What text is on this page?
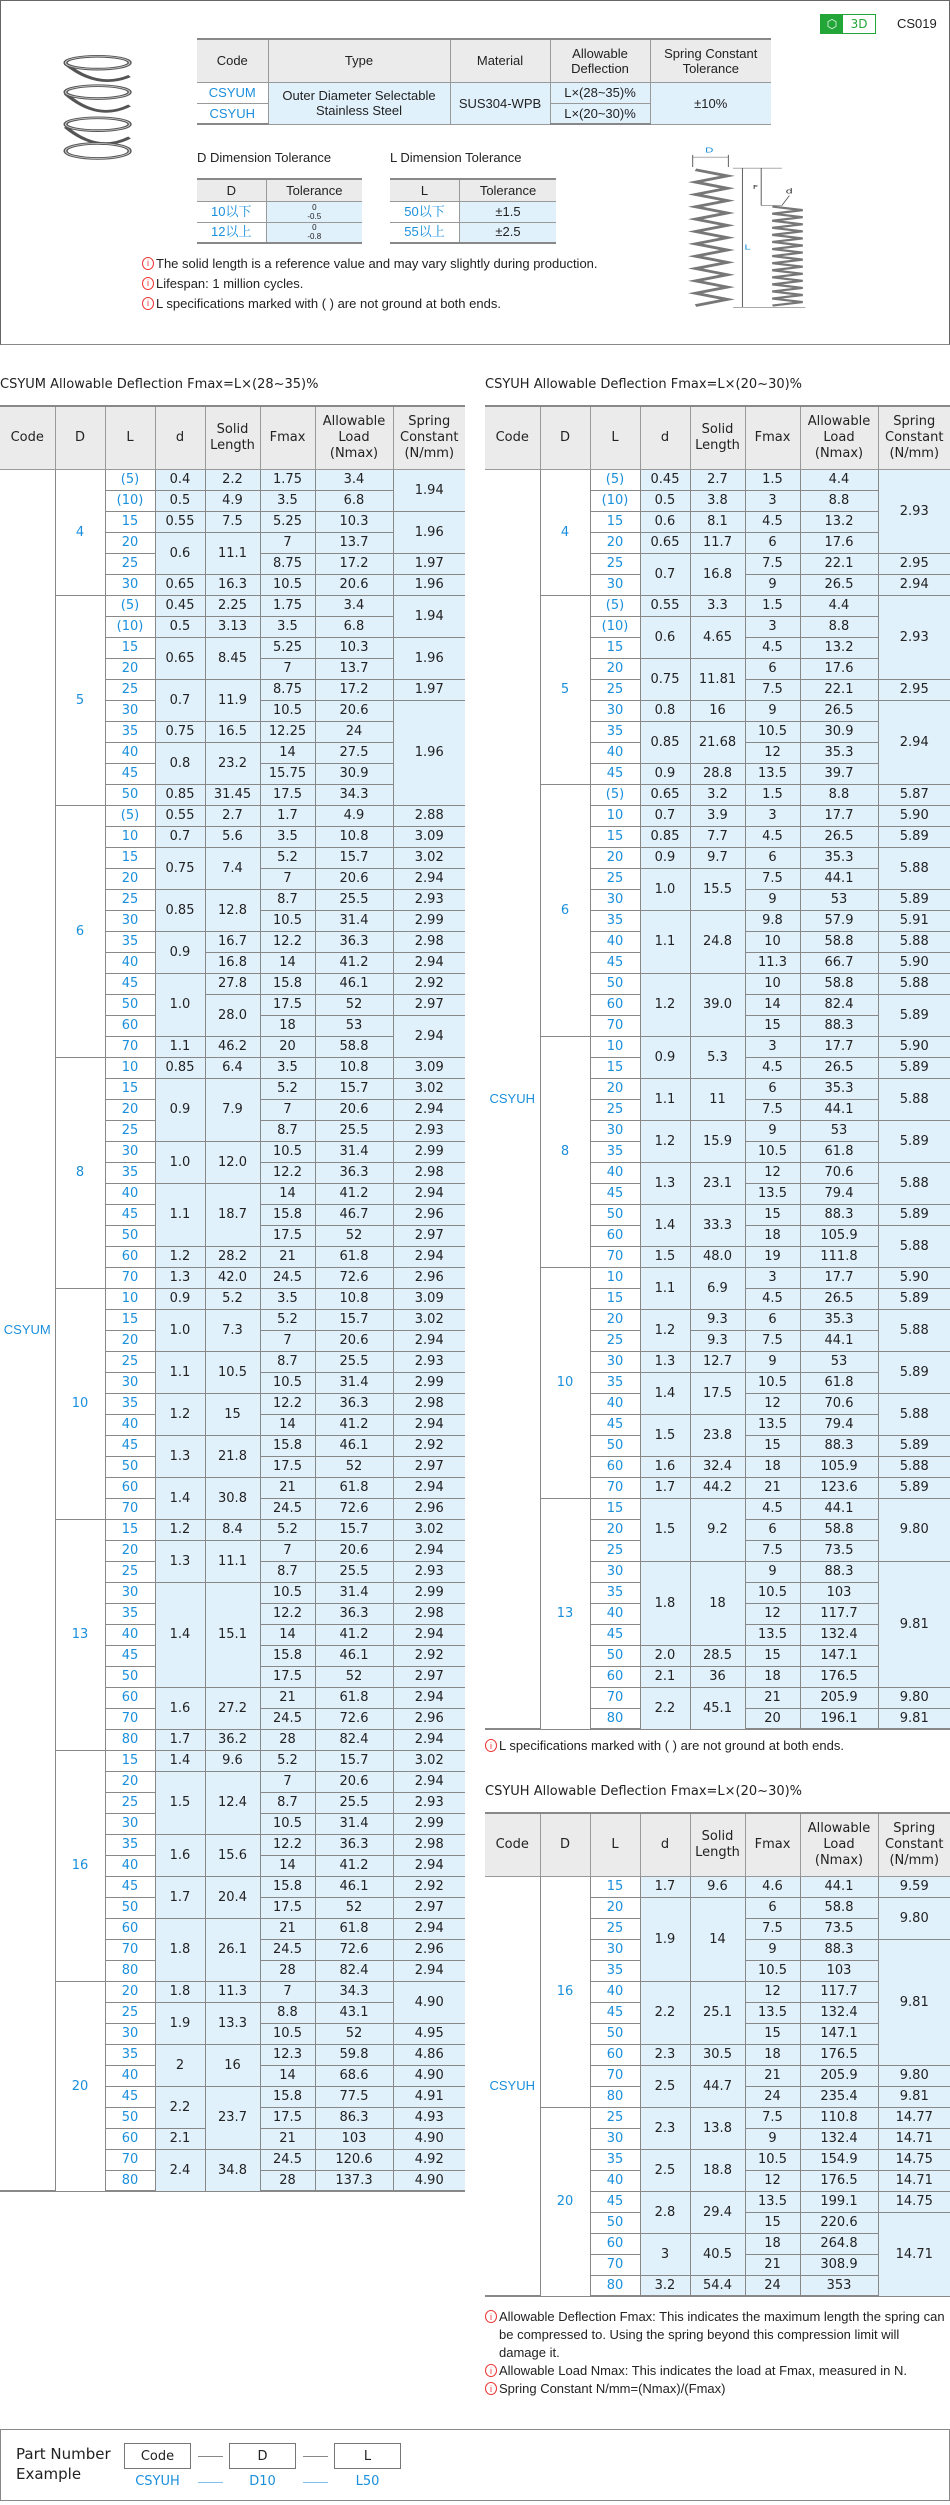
⬡	3D	CS019
Code	Type	Material	Allowable Deflection	Spring Constant Tolerance
CSYUM	Outer Diameter Selectable Stainless Steel	SUS304-WPB	L×(28~35)%	±10%
CSYUH			L×(20~30)%	
D Dimension Tolerance
D	Tolerance
10以下	0
-0.5

12以上	0
-0.8
L Dimension Tolerance
L	Tolerance
50以下	±1.5
55以上	±2.5
i The solid length is a reference value and may vary slightly during production.
i Lifespan: 1 million cycles.
i L specifications marked with ( ) are not ground at both ends.
D
F
d
L
CSYUM Allowable Deflection Fmax=L×(28~35)%
Code	D	L	d	Solid Length	Fmax	Allowable Load (Nmax)	Spring Constant (N/mm)
CSYUM	4	(5)	0.4	2.2	1.75	3.4	1.94
		(10)	0.5	4.9	3.5	6.8	
		15	0.55	7.5	5.25	10.3	1.96
		20	0.6	11.1	7	13.7	
		25			8.75	17.2	1.97
		30	0.65	16.3	10.5	20.6	1.96
	5	(5)	0.45	2.25	1.75	3.4	1.94
		(10)	0.5	3.13	3.5	6.8	
		15	0.65	8.45	5.25	10.3	1.96
		20			7	13.7	
		25	0.7	11.9	8.75	17.2	1.97
		30			10.5	20.6	1.96
		35	0.75	16.5	12.25	24	
		40	0.8	23.2	14	27.5	
		45			15.75	30.9	
		50	0.85	31.45	17.5	34.3	
	6	(5)	0.55	2.7	1.7	4.9	2.88
		10	0.7	5.6	3.5	10.8	3.09
		15	0.75	7.4	5.2	15.7	3.02
		20			7	20.6	2.94
		25	0.85	12.8	8.7	25.5	2.93
		30			10.5	31.4	2.99
		35	0.9	16.7	12.2	36.3	2.98
		40		16.8	14	41.2	2.94
		45	1.0	27.8	15.8	46.1	2.92
		50		28.0	17.5	52	2.97
		60			18	53	2.94
		70	1.1	46.2	20	58.8	
	8	10	0.85	6.4	3.5	10.8	3.09
		15	0.9	7.9	5.2	15.7	3.02
		20			7	20.6	2.94
		25			8.7	25.5	2.93
		30	1.0	12.0	10.5	31.4	2.99
		35			12.2	36.3	2.98
		40	1.1	18.7	14	41.2	2.94
		45			15.8	46.7	2.96
		50			17.5	52	2.97
		60	1.2	28.2	21	61.8	2.94
		70	1.3	42.0	24.5	72.6	2.96
	10	10	0.9	5.2	3.5	10.8	3.09
		15	1.0	7.3	5.2	15.7	3.02
		20			7	20.6	2.94
		25	1.1	10.5	8.7	25.5	2.93
		30			10.5	31.4	2.99
		35	1.2	15	12.2	36.3	2.98
		40			14	41.2	2.94
		45	1.3	21.8	15.8	46.1	2.92
		50			17.5	52	2.97
		60	1.4	30.8	21	61.8	2.94
		70			24.5	72.6	2.96
	13	15	1.2	8.4	5.2	15.7	3.02
		20	1.3	11.1	7	20.6	2.94
		25			8.7	25.5	2.93
		30	1.4	15.1	10.5	31.4	2.99
		35			12.2	36.3	2.98
		40			14	41.2	2.94
		45			15.8	46.1	2.92
		50			17.5	52	2.97
		60	1.6	27.2	21	61.8	2.94
		70			24.5	72.6	2.96
		80	1.7	36.2	28	82.4	2.94
	16	15	1.4	9.6	5.2	15.7	3.02
		20	1.5	12.4	7	20.6	2.94
		25			8.7	25.5	2.93
		30			10.5	31.4	2.99
		35	1.6	15.6	12.2	36.3	2.98
		40			14	41.2	2.94
		45	1.7	20.4	15.8	46.1	2.92
		50			17.5	52	2.97
		60	1.8	26.1	21	61.8	2.94
		70			24.5	72.6	2.96
		80			28	82.4	2.94
	20	20	1.8	11.3	7	34.3	4.90
		25	1.9	13.3	8.8	43.1	
		30			10.5	52	4.95
		35	2	16	12.3	59.8	4.86
		40			14	68.6	4.90
		45	2.2	23.7	15.8	77.5	4.91
		50			17.5	86.3	4.93
		60	2.1		21	103	4.90
		70	2.4	34.8	24.5	120.6	4.92
		80			28	137.3	4.90
CSYUH Allowable Deflection Fmax=L×(20~30)%
Code	D	L	d	Solid Length	Fmax	Allowable Load (Nmax)	Spring Constant (N/mm)
CSYUH	4	(5)	0.45	2.7	1.5	4.4	2.93
		(10)	0.5	3.8	3	8.8	
		15	0.6	8.1	4.5	13.2	
		20	0.65	11.7	6	17.6	
		25	0.7	16.8	7.5	22.1	2.95
		30			9	26.5	2.94
	5	(5)	0.55	3.3	1.5	4.4	2.93
		(10)	0.6	4.65	3	8.8	
		15			4.5	13.2	
		20	0.75	11.81	6	17.6	
		25			7.5	22.1	2.95
		30	0.8	16	9	26.5	2.94
		35	0.85	21.68	10.5	30.9	
		40			12	35.3	
		45	0.9	28.8	13.5	39.7	
	6	(5)	0.65	3.2	1.5	8.8	5.87
		10	0.7	3.9	3	17.7	5.90
		15	0.85	7.7	4.5	26.5	5.89
		20	0.9	9.7	6	35.3	5.88
		25	1.0	15.5	7.5	44.1	
		30			9	53	5.89
		35	1.1	24.8	9.8	57.9	5.91
		40			10	58.8	5.88
		45			11.3	66.7	5.90
		50	1.2	39.0	10	58.8	5.88
		60			14	82.4	5.89
		70			15	88.3	
	8	10	0.9	5.3	3	17.7	5.90
		15			4.5	26.5	5.89
		20	1.1	11	6	35.3	5.88
		25			7.5	44.1	
		30	1.2	15.9	9	53	5.89
		35			10.5	61.8	
		40	1.3	23.1	12	70.6	5.88
		45			13.5	79.4	
		50	1.4	33.3	15	88.3	5.89
		60			18	105.9	5.88
		70	1.5	48.0	19	111.8	
	10	10	1.1	6.9	3	17.7	5.90
		15			4.5	26.5	5.89
		20	1.2	9.3	6	35.3	5.88
		25		9.3	7.5	44.1	
		30	1.3	12.7	9	53	5.89
		35	1.4	17.5	10.5	61.8	
		40			12	70.6	5.88
		45	1.5	23.8	13.5	79.4	
		50			15	88.3	5.89
		60	1.6	32.4	18	105.9	5.88
		70	1.7	44.2	21	123.6	5.89
	13	15	1.5	9.2	4.5	44.1	9.80
		20			6	58.8	
		25			7.5	73.5	
		30	1.8	18	9	88.3	9.81
		35			10.5	103	
		40			12	117.7	
		45			13.5	132.4	
		50	2.0	28.5	15	147.1	
		60	2.1	36	18	176.5	
		70	2.2	45.1	21	205.9	9.80
		80			20	196.1	9.81
i L specifications marked with ( ) are not ground at both ends.
CSYUH Allowable Deflection Fmax=L×(20~30)%
Code	D	L	d	Solid Length	Fmax	Allowable Load (Nmax)	Spring Constant (N/mm)
CSYUH	16	15	1.7	9.6	4.6	44.1	9.59
		20	1.9	14	6	58.8	9.80
		25			7.5	73.5	
		30			9	88.3	9.81
		35			10.5	103	
		40	2.2	25.1	12	117.7	
		45			13.5	132.4	
		50			15	147.1	
		60	2.3	30.5	18	176.5	
		70	2.5	44.7	21	205.9	9.80
		80			24	235.4	9.81
	20	25	2.3	13.8	7.5	110.8	14.77
		30			9	132.4	14.71
		35	2.5	18.8	10.5	154.9	14.75
		40			12	176.5	14.71
		45	2.8	29.4	13.5	199.1	14.75
		50			15	220.6	14.71
		60	3	40.5	18	264.8	
		70			21	308.9	
		80	3.2	54.4	24	353	
i Allowable Deflection Fmax: This indicates the maximum length the spring can be compressed to. Using the spring beyond this compression limit will damage it.
i Allowable Load Nmax: This indicates the load at Fmax, measured in N.
i Spring Constant N/mm=(Nmax)/(Fmax)
Part Number Example
Code	D	L
CSYUH	D10	L50
